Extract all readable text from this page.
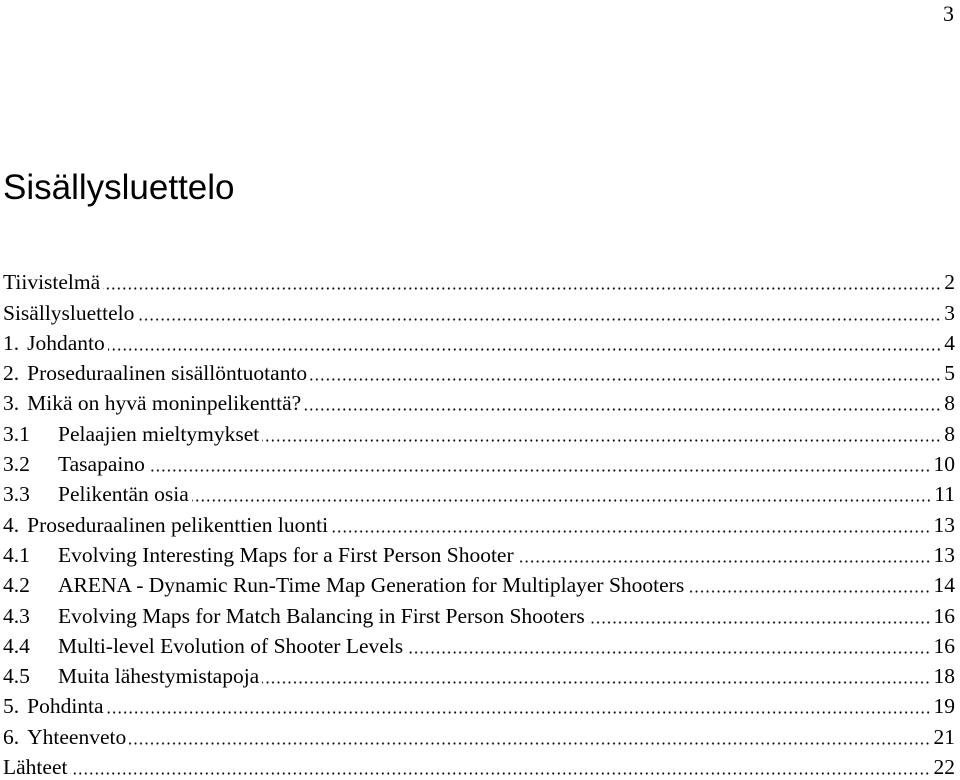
3
Sisällysluettelo
Tiivistelmä	2
Sisällysluettelo	3
1. Johdanto	4
2. Proseduraalinen sisällöntuotanto	5
3. Mikä on hyvä moninpelikenttä?	8
3.1	Pelaajien mieltymykset	8
3.2	Tasapaino	10
3.3	Pelikentän osia	11
4. Proseduraalinen pelikenttien luonti	13
4.1	Evolving Interesting Maps for a First Person Shooter	13
4.2	ARENA - Dynamic Run-Time Map Generation for Multiplayer Shooters	14
4.3	Evolving Maps for Match Balancing in First Person Shooters	16
4.4	Multi-level Evolution of Shooter Levels	16
4.5	Muita lähestymistapoja	18
5. Pohdinta	19
6. Yhteenveto	21
Lähteet	22
